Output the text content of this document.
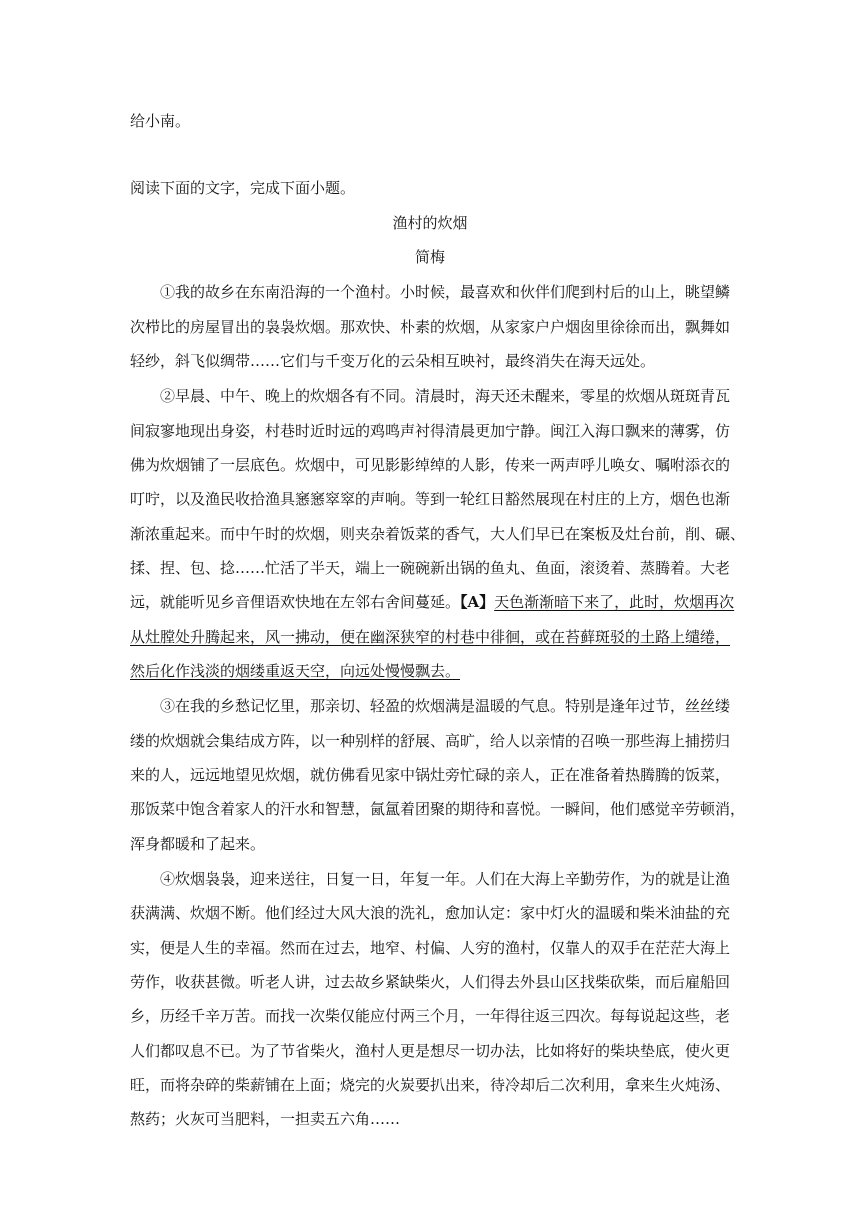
给小南。
阅读下面的文字，完成下面小题。
渔村的炊烟
简梅
①我的故乡在东南沿海的一个渔村。小时候，最喜欢和伙伴们爬到村后的山上，眺望鳞
次栉比的房屋冒出的袅袅炊烟。那欢快、朴素的炊烟，从家家户户烟囱里徐徐而出，飘舞如
轻纱，斜飞似绸带……它们与千变万化的云朵相互映衬，最终消失在海天远处。
②早晨、中午、晚上的炊烟各有不同。清晨时，海天还未醒来，零星的炊烟从斑斑青瓦
间寂寥地现出身姿，村巷时近时远的鸡鸣声衬得清晨更加宁静。闽江入海口飘来的薄雾，仿
佛为炊烟铺了一层底色。炊烟中，可见影影绰绰的人影，传来一两声呼儿唤女、嘱咐添衣的
叮咛，以及渔民收拾渔具窸窸窣窣的声响。等到一轮红日豁然展现在村庄的上方，烟色也渐
渐浓重起来。而中午时的炊烟，则夹杂着饭菜的香气，大人们早已在案板及灶台前，削、碾、
揉、捏、包、捻……忙活了半天，端上一碗碗新出锅的鱼丸、鱼面，滚烫着、蒸腾着。大老
远，就能听见乡音俚语欢快地在左邻右舍间蔓延。【A】天色渐渐暗下来了，此时，炊烟再次
从灶膛处升腾起来，风一拂动，便在幽深狭窄的村巷中徘徊，或在苔藓斑驳的土路上缱绻，
然后化作浅淡的烟缕重返天空，向远处慢慢飘去。
③在我的乡愁记忆里，那亲切、轻盈的炊烟满是温暖的气息。特别是逢年过节，丝丝缕
缕的炊烟就会集结成方阵，以一种别样的舒展、高旷，给人以亲情的召唤一那些海上捕捞归
来的人，远远地望见炊烟，就仿佛看见家中锅灶旁忙碌的亲人，正在准备着热腾腾的饭菜，
那饭菜中饱含着家人的汗水和智慧，氤氲着团聚的期待和喜悦。一瞬间，他们感觉辛劳顿消，
浑身都暖和了起来。
④炊烟袅袅，迎来送往，日复一日，年复一年。人们在大海上辛勤劳作，为的就是让渔
获满满、炊烟不断。他们经过大风大浪的洗礼，愈加认定：家中灯火的温暖和柴米油盐的充
实，便是人生的幸福。然而在过去，地窄、村偏、人穷的渔村，仅靠人的双手在茫茫大海上
劳作，收获甚微。听老人讲，过去故乡紧缺柴火，人们得去外县山区找柴砍柴，而后雇船回
乡，历经千辛万苦。而找一次柴仅能应付两三个月，一年得往返三四次。每每说起这些，老
人们都叹息不已。为了节省柴火，渔村人更是想尽一切办法，比如将好的柴块垫底，使火更
旺，而将杂碎的柴薪铺在上面；烧完的火炭要扒出来，待冷却后二次利用，拿来生火炖汤、
熬药；火灰可当肥料，一担卖五六角……
